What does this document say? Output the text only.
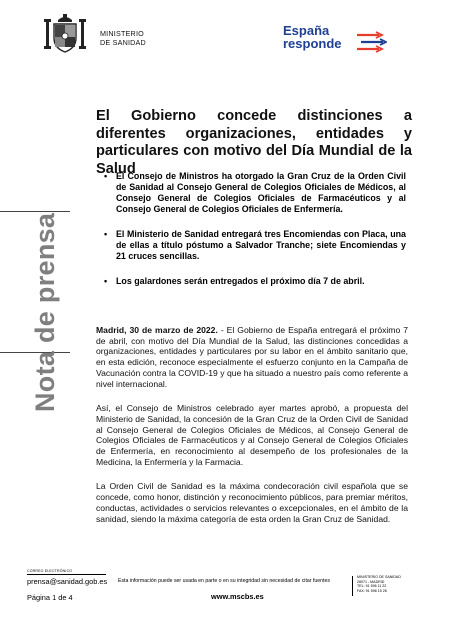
MINISTERIO
DE SANIDAD
España
responde
Nota de prensa
El Gobierno concede distinciones a diferentes organizaciones, entidades y particulares con motivo del Día Mundial de la Salud
• El Consejo de Ministros ha otorgado la Gran Cruz de la Orden Civil de Sanidad al Consejo General de Colegios Oficiales de Médicos, al Consejo General de Colegios Oficiales de Farmacéuticos y al Consejo General de Colegios Oficiales de Enfermería.
• El Ministerio de Sanidad entregará tres Encomiendas con Placa, una de ellas a título póstumo a Salvador Tranche; siete Encomiendas y 21 cruces sencillas.
• Los galardones serán entregados el próximo día 7 de abril.

Madrid, 30 de marzo de 2022. - El Gobierno de España entregará el próximo 7 de abril, con motivo del Día Mundial de la Salud, las distinciones concedidas a organizaciones, entidades y particulares por su labor en el ámbito sanitario que, en esta edición, reconoce especialmente el esfuerzo conjunto en la Campaña de Vacunación contra la COVID-19 y que ha situado a nuestro país como referente a nivel internacional.

Así, el Consejo de Ministros celebrado ayer martes aprobó, a propuesta del Ministerio de Sanidad, la concesión de la Gran Cruz de la Orden Civil de Sanidad al Consejo General de Colegios Oficiales de Médicos, al Consejo General de Colegios Oficiales de Farmacéuticos y al Consejo General de Colegios Oficiales de Enfermería, en reconocimiento al desempeño de los profesionales de la Medicina, la Enfermería y la Farmacia.

La Orden Civil de Sanidad es la máxima condecoración civil española que se concede, como honor, distinción y reconocimiento públicos, para premiar méritos, conductas, actividades o servicios relevantes o excepcionales, en el ámbito de la sanidad, siendo la máxima categoría de esta orden la Gran Cruz de Sanidad.

CORREO ELECTRÓNICO
prensa@sanidad.gob.es
Página 1 de 4
Esta información puede ser usada en parte o en su integridad sin necesidad de citar fuentes
www.mscbs.es
MINISTERIO DE SANIDAD
28071 - MADRID
TEL: 91 596 11 22
FAX: 91 596 15 26
